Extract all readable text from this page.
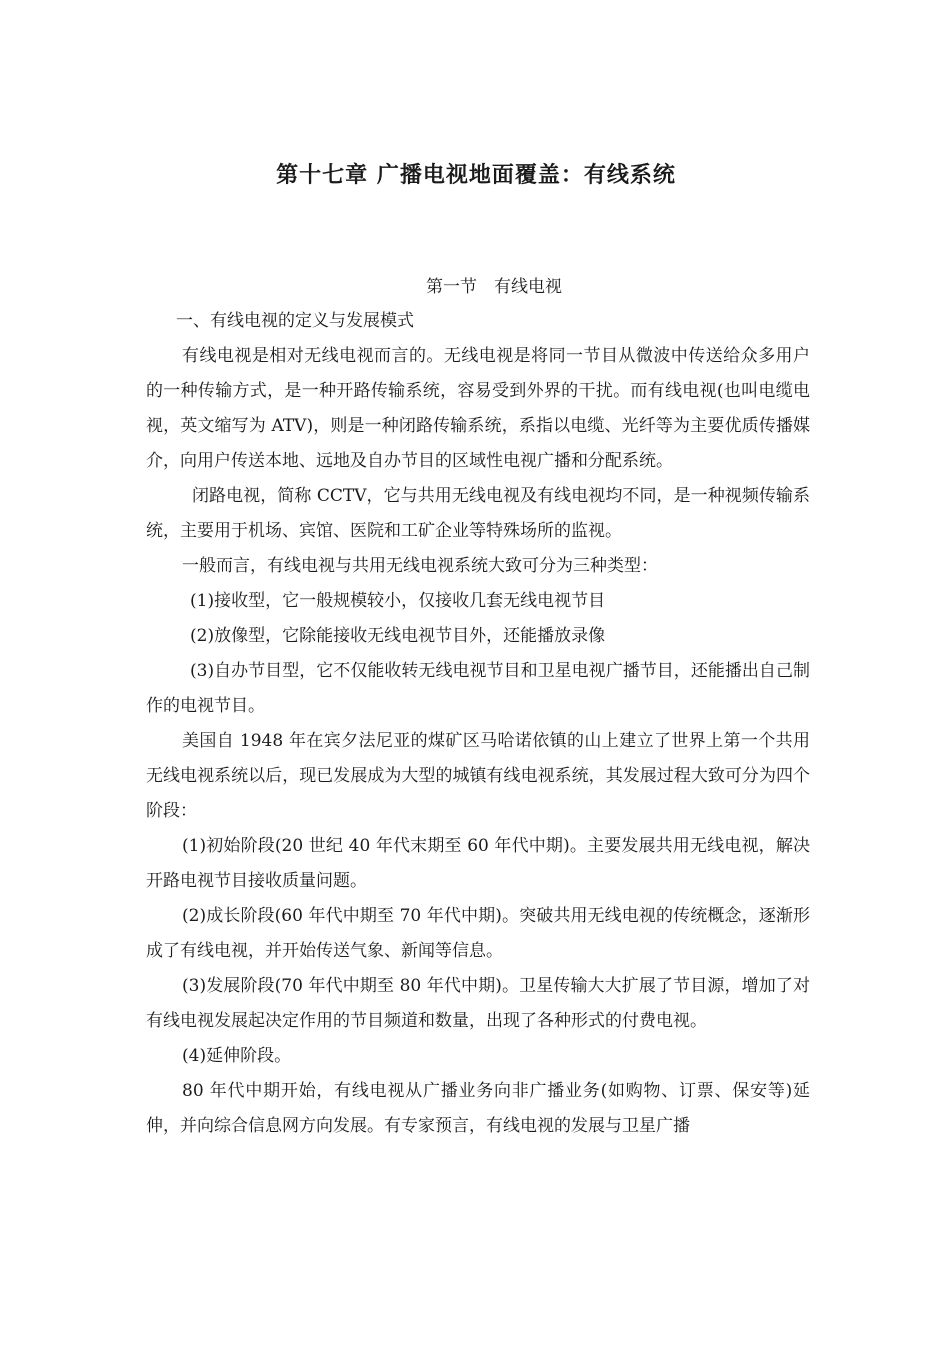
第十七章 广播电视地面覆盖：有线系统
第一节　有线电视

一、有线电视的定义与发展模式

有线电视是相对无线电视而言的。无线电视是将同一节目从微波中传送给众多用户的一种传输方式，是一种开路传输系统，容易受到外界的干扰。而有线电视(也叫电缆电视，英文缩写为 ATV)，则是一种闭路传输系统，系指以电缆、光纤等为主要优质传播媒介，向用户传送本地、远地及自办节目的区域性电视广播和分配系统。

闭路电视，简称 CCTV，它与共用无线电视及有线电视均不同，是一种视频传输系统，主要用于机场、宾馆、医院和工矿企业等特殊场所的监视。

一般而言，有线电视与共用无线电视系统大致可分为三种类型：

(1)接收型，它一般规模较小，仅接收几套无线电视节目

(2)放像型，它除能接收无线电视节目外，还能播放录像

(3)自办节目型，它不仅能收转无线电视节目和卫星电视广播节目，还能播出自己制作的电视节目。

美国自 1948 年在宾夕法尼亚的煤矿区马哈诺依镇的山上建立了世界上第一个共用无线电视系统以后，现已发展成为大型的城镇有线电视系统，其发展过程大致可分为四个阶段：

(1)初始阶段(20 世纪 40 年代末期至 60 年代中期)。主要发展共用无线电视，解决开路电视节目接收质量问题。

(2)成长阶段(60 年代中期至 70 年代中期)。突破共用无线电视的传统概念，逐渐形成了有线电视，并开始传送气象、新闻等信息。

(3)发展阶段(70 年代中期至 80 年代中期)。卫星传输大大扩展了节目源，增加了对有线电视发展起决定作用的节目频道和数量，出现了各种形式的付费电视。

(4)延伸阶段。

80 年代中期开始，有线电视从广播业务向非广播业务(如购物、订票、保安等)延伸，并向综合信息网方向发展。有专家预言，有线电视的发展与卫星广播
